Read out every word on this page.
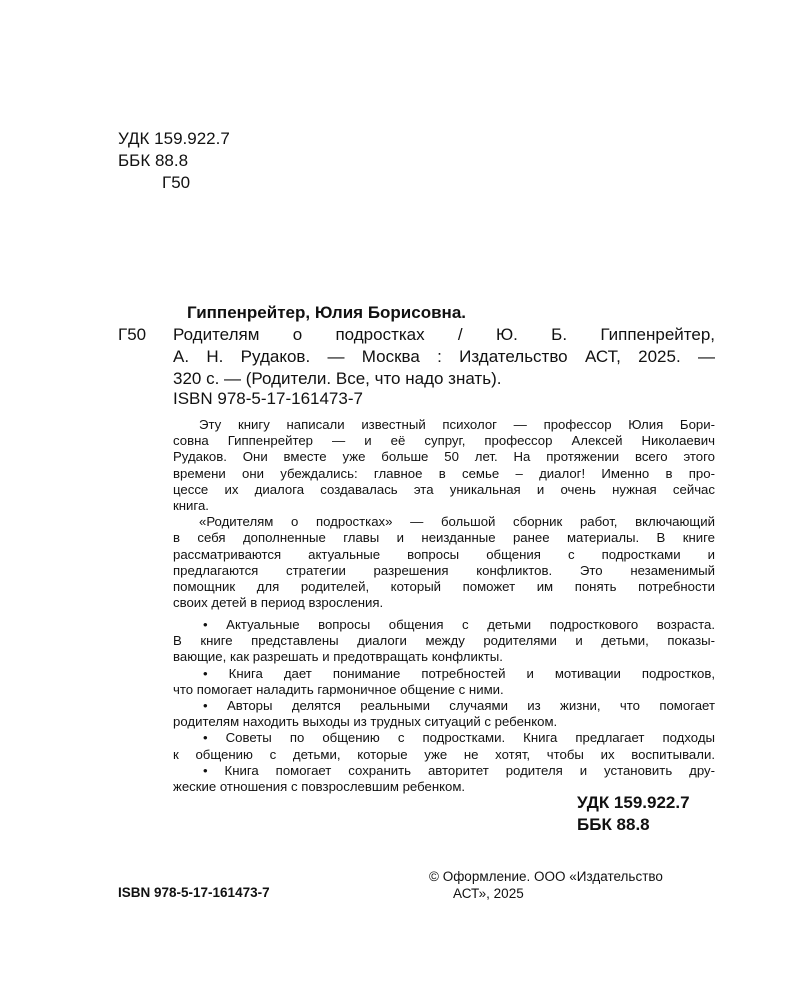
УДК 159.922.7
ББК 88.8
Г50
Гиппенрейтер, Юлия Борисовна.
Г50 Родителям о подростках / Ю. Б. Гиппенрейтер,
А. Н. Рудаков. — Москва : Издательство АСТ, 2025. —
320 с. — (Родители. Все, что надо знать).
ISBN 978-5-17-161473-7
Эту книгу написали известный психолог — профессор Юлия Бори-
совна Гиппенрейтер — и её супруг, профессор Алексей Николаевич
Рудаков. Они вместе уже больше 50 лет. На протяжении всего этого
времени они убеждались: главное в семье – диалог! Именно в про-
цессе их диалога создавалась эта уникальная и очень нужная сейчас
книга.
«Родителям о подростках» — большой сборник работ, включающий
в себя дополненные главы и неизданные ранее материалы. В книге
рассматриваются актуальные вопросы общения с подростками и
предлагаются стратегии разрешения конфликтов. Это незаменимый
помощник для родителей, который поможет им понять потребности
своих детей в период взросления.
• Актуальные вопросы общения с детьми подросткового возраста.
В книге представлены диалоги между родителями и детьми, показы-
вающие, как разрешать и предотвращать конфликты.
• Книга дает понимание потребностей и мотивации подростков,
что помогает наладить гармоничное общение с ними.
• Авторы делятся реальными случаями из жизни, что помогает
родителям находить выходы из трудных ситуаций с ребенком.
• Советы по общению с подростками. Книга предлагает подходы
к общению с детьми, которые уже не хотят, чтобы их воспитывали.
• Книга помогает сохранить авторитет родителя и установить дру-
жеские отношения с повзрослевшим ребенком.
УДК 159.922.7
ББК 88.8
© Оформление. ООО «Издательство
АСТ», 2025
ISBN 978-5-17-161473-7
